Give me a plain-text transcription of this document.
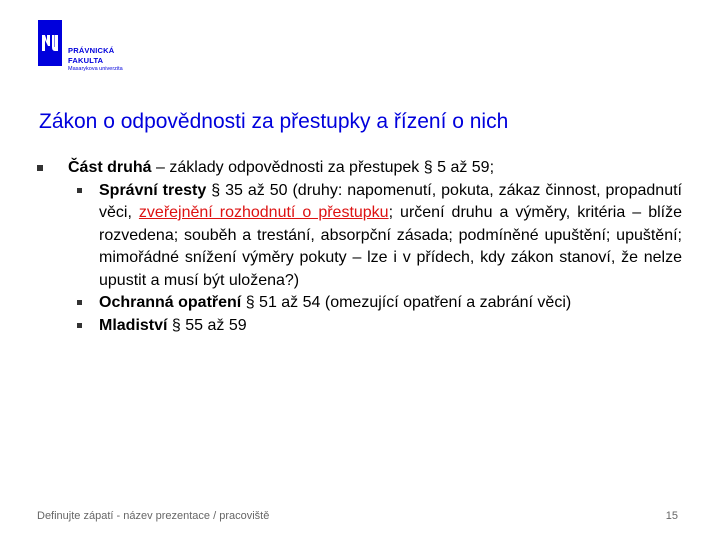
PRÁVNICKÁ
FAKULTA
Masarykova univerzita
Zákon o odpovědnosti za přestupky a řízení o nich
Část druhá – základy odpovědnosti za přestupek § 5 až 59;
Správní tresty § 35 až 50 (druhy: napomenutí, pokuta, zákaz činnost, propadnutí věci, zveřejnění rozhodnutí o přestupku; určení druhu a výměry, kritéria – blíže rozvedena; souběh a trestání, absorpční zásada; podmíněné upuštění; upuštění; mimořádné snížení výměry pokuty – lze i v přídech, kdy zákon stanoví, že nelze upustit a musí být uložena?)
Ochranná opatření § 51 až 54 (omezující opatření a zabrání věci)
Mladiství § 55 až 59
Definujte zápatí - název prezentace / pracoviště	15
